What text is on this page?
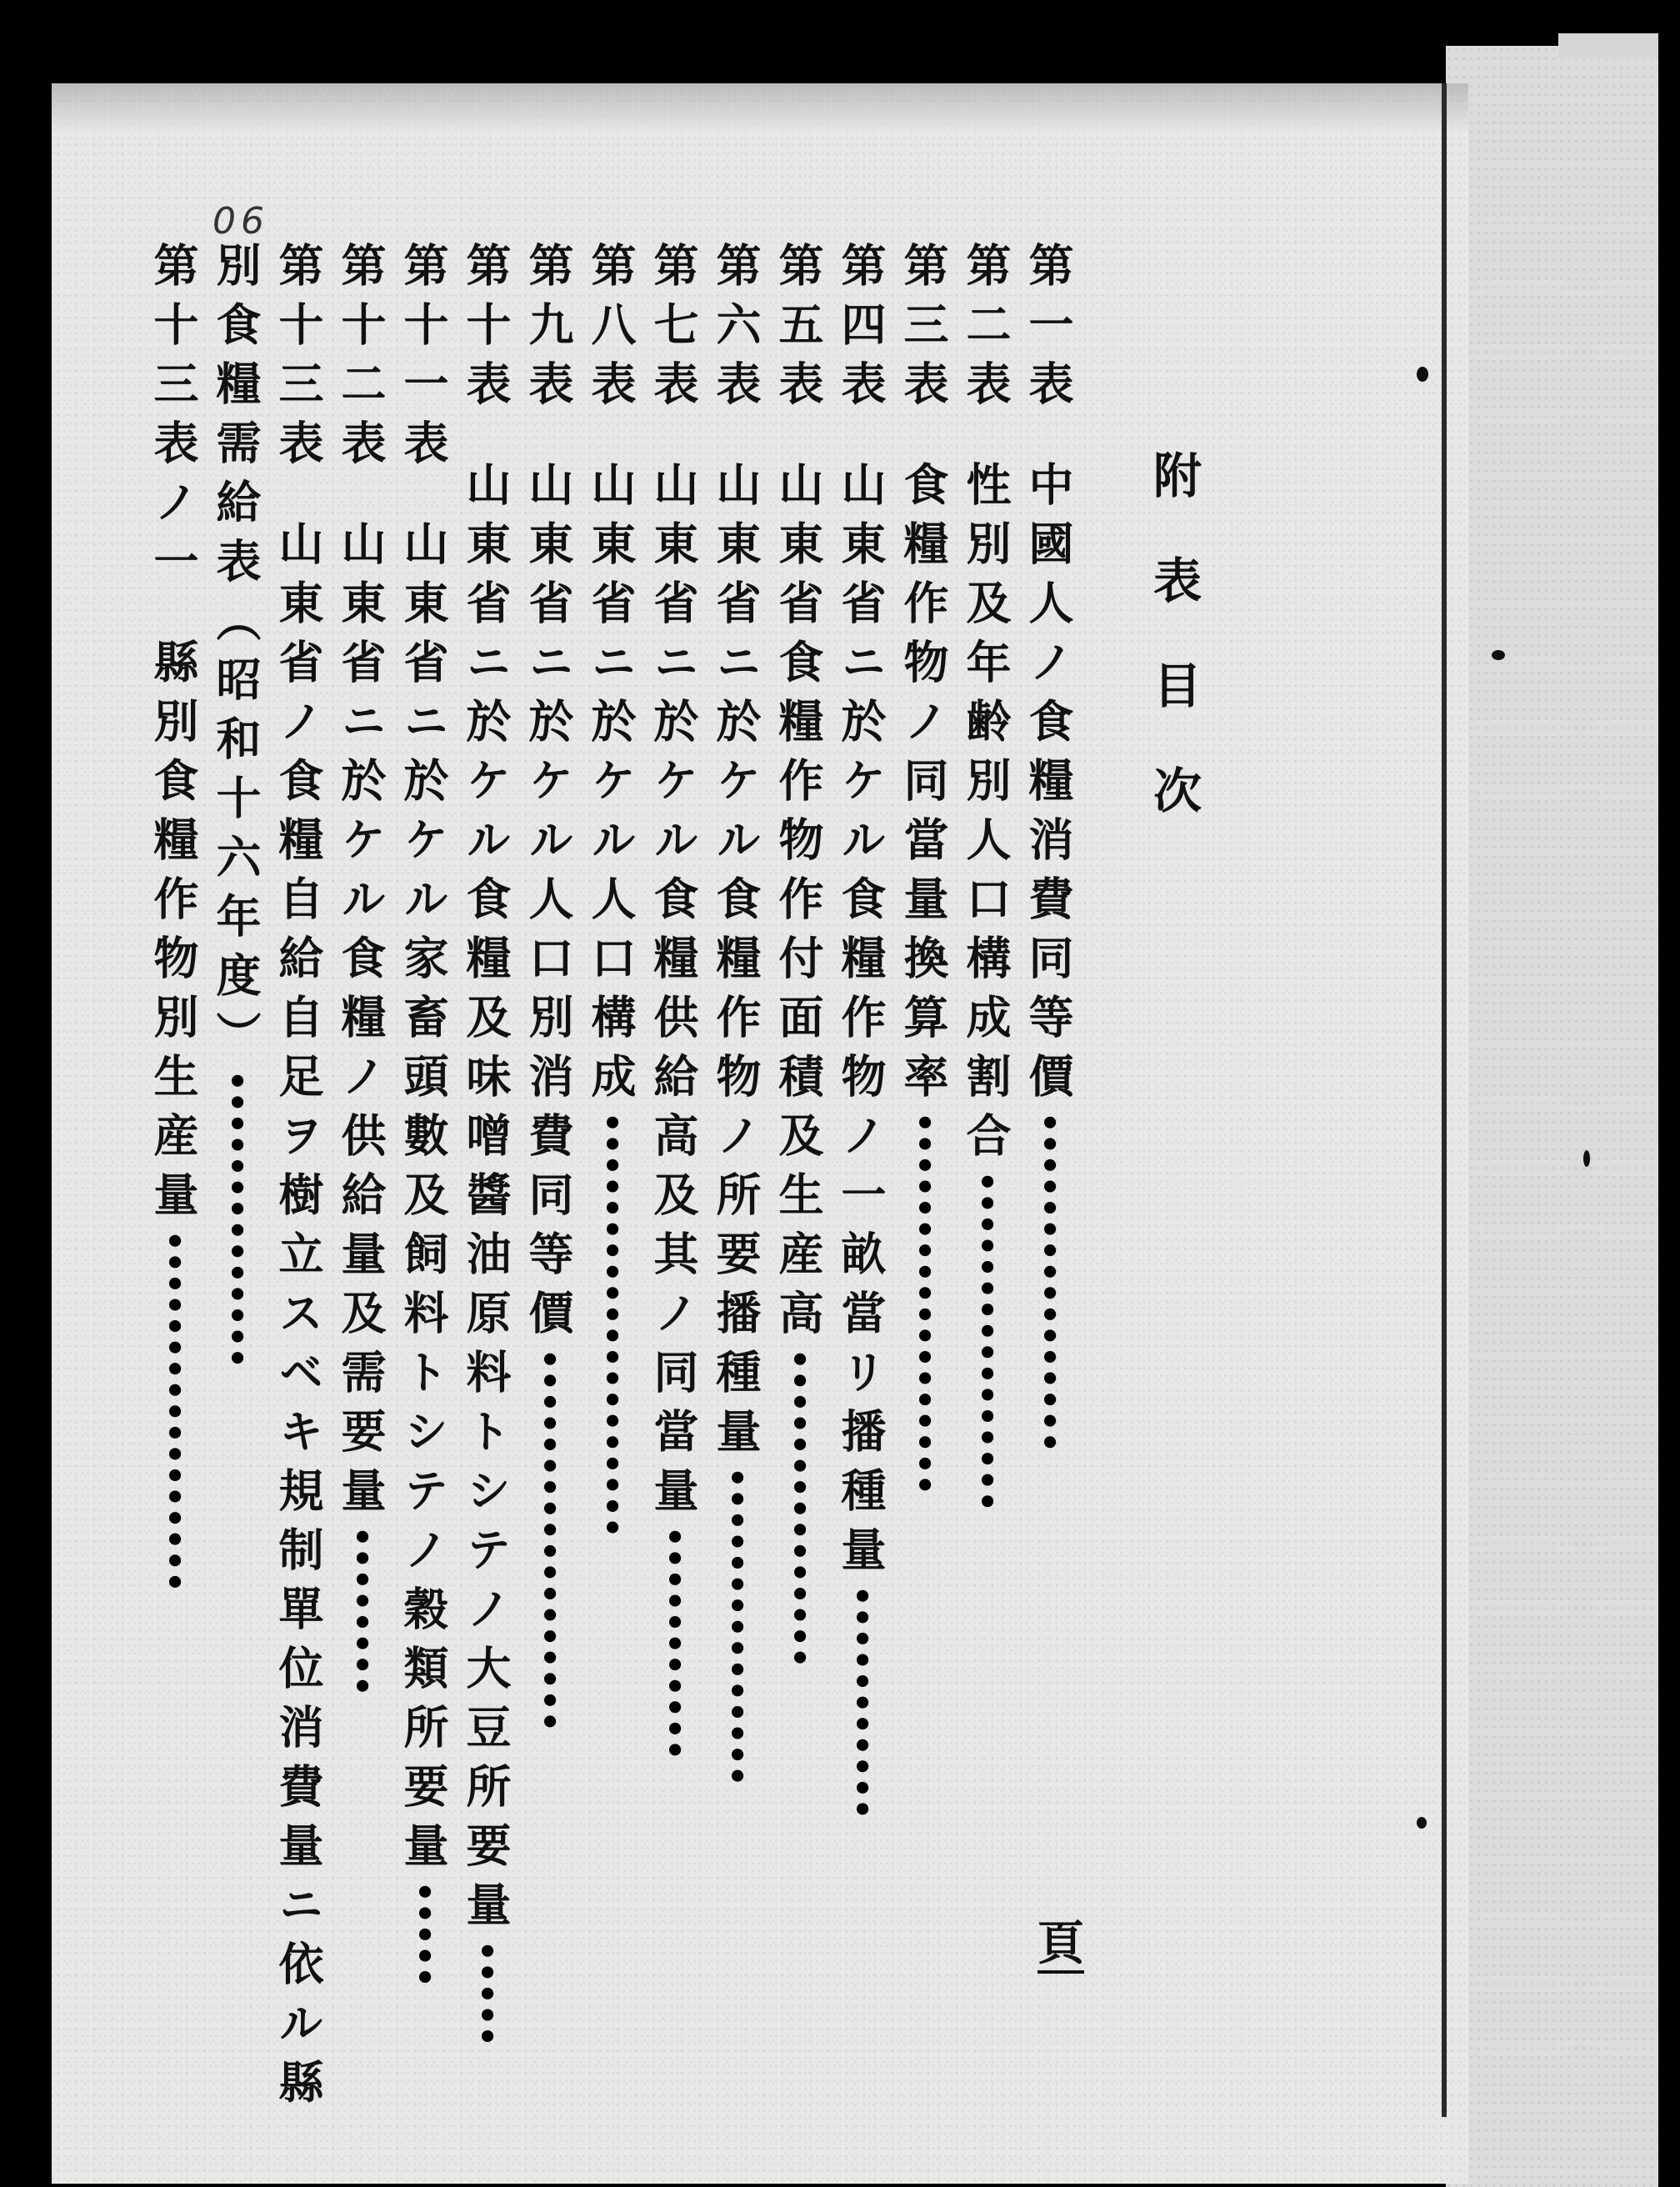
06
附表目次
第一表中國人ノ食糧消費同等價••••••••••••••••
第二表性別及年齢別人口構成割合••••••••••••••••
第三表食糧作物ノ同當量換算率••••••••••••••••••
第四表山東省ニ於ケル食糧作物ノ一畝當リ播種量•••••••••••
第五表山東省食糧作物作付面積及生産高•••••••••••••••
第六表山東省ニ於ケル食糧作物ノ所要播種量•••••••••••••••
第七表山東省ニ於ケル食糧供給高及其ノ同當量•••••••••••
第八表山東省ニ於ケル人口構成••••••••••••••••••••
第九表山東省ニ於ケル人口別消費同等價••••••••••••••••••
第十表山東省ニ於ケル食糧及味噌醬油原料トシテノ大豆所要量•••••
第十一表山東省ニ於ケル家畜頭數及飼料トシテノ穀類所要量•••••
第十二表山東省ニ於ケル食糧ノ供給量及需要量••••••••
第十三表山東省ノ食糧自給自足ヲ樹立スベキ規制單位消費量ニ依ル縣
別食糧需給表（昭和十六年度）••••••••••••••
第十三表ノ一縣別食糧作物別生産量•••••••••••••••••
頁
